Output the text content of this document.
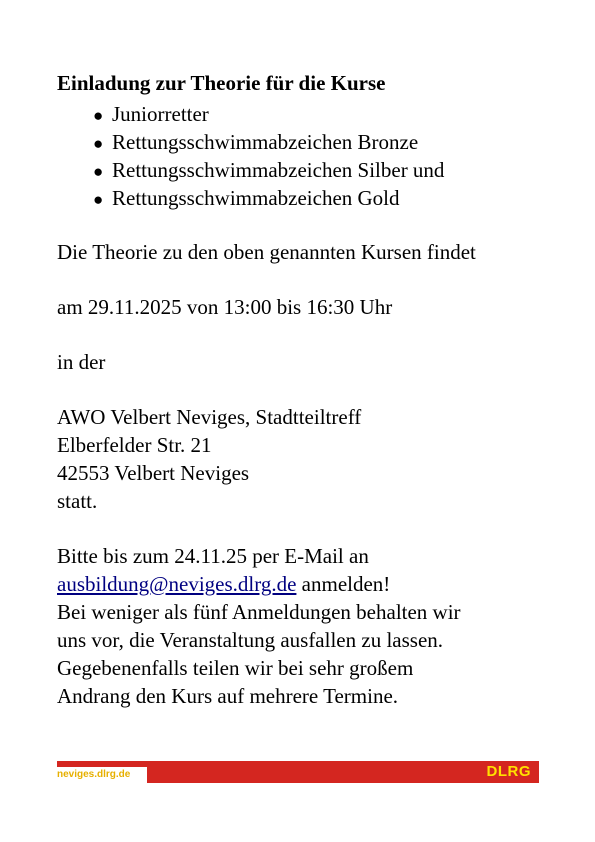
Einladung zur Theorie für die Kurse
● Juniorretter
● Rettungsschwimmabzeichen Bronze
● Rettungsschwimmabzeichen Silber und
● Rettungsschwimmabzeichen Gold

Die Theorie zu den oben genannten Kursen findet

am 29.11.2025 von 13:00 bis 16:30 Uhr

in der

AWO Velbert Neviges, Stadtteiltreff

Elberfelder Str. 21

42553 Velbert Neviges

statt.

Bitte bis zum 24.11.25 per E-Mail an

ausbildung@neviges.dlrg.de anmelden!

Bei weniger als fünf Anmeldungen behalten wir

uns vor, die Veranstaltung ausfallen zu lassen.

Gegebenenfalls teilen wir bei sehr großem

Andrang den Kurs auf mehrere Termine.

neviges.dlrg.de	DLRG
